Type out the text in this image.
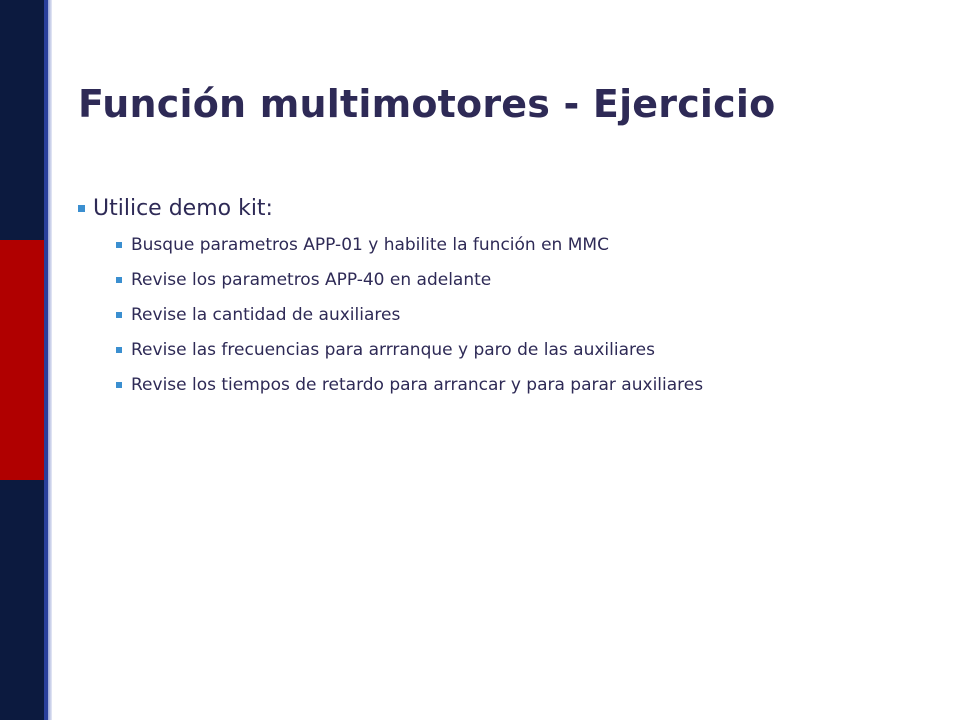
Función multimotores - Ejercicio
Utilice demo kit:
Busque parametros APP-01 y habilite la función en MMC
Revise los parametros APP-40 en adelante
Revise la cantidad de auxiliares
Revise las frecuencias para arrranque y paro de las auxiliares
Revise los tiempos de retardo para arrancar y para parar auxiliares
